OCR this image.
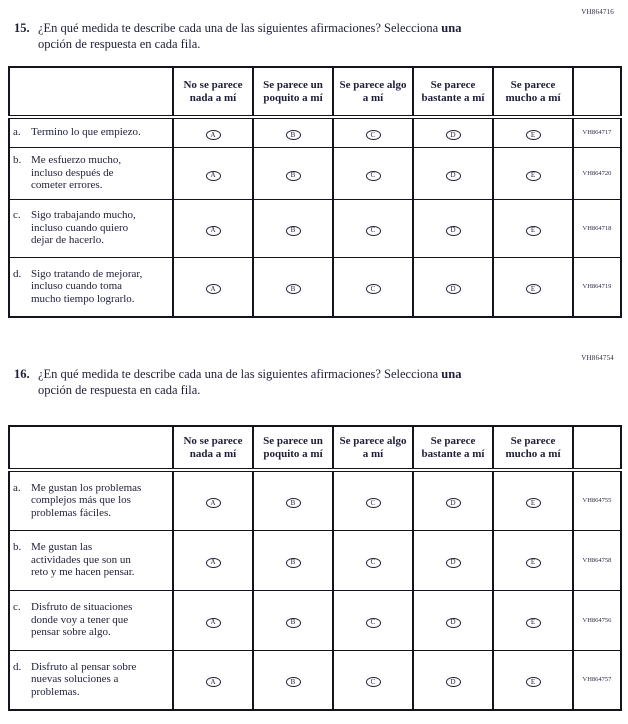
VH864716
15. ¿En qué medida te describe cada una de las siguientes afirmaciones? Selecciona una
opción de respuesta en cada fila.
	No se parece nada a mí	Se parece un poquito a mí	Se parece algo a mí	Se parece bastante a mí	Se parece mucho a mí	

a. Termino lo que empiezo.	A	B	C	D	E	VH864717

b. Me esfuerzo mucho, incluso después de cometer errores.	A	B	C	D	E	VH864720

c. Sigo trabajando mucho, incluso cuando quiero dejar de hacerlo.	A	B	C	D	E	VH864718

d. Sigo tratando de mejorar, incluso cuando toma mucho tiempo lograrlo.	A	B	C	D	E	VH864719
VH864754
16. ¿En qué medida te describe cada una de las siguientes afirmaciones? Selecciona una
opción de respuesta en cada fila.
	No se parece nada a mí	Se parece un poquito a mí	Se parece algo a mí	Se parece bastante a mí	Se parece mucho a mí	

a. Me gustan los problemas complejos más que los problemas fáciles.	A	B	C	D	E	VH864755

b. Me gustan las actividades que son un reto y me hacen pensar.	A	B	C	D	E	VH864758

c. Disfruto de situaciones donde voy a tener que pensar sobre algo.	A	B	C	D	E	VH864756

d. Disfruto al pensar sobre nuevas soluciones a problemas.	A	B	C	D	E	VH864757
